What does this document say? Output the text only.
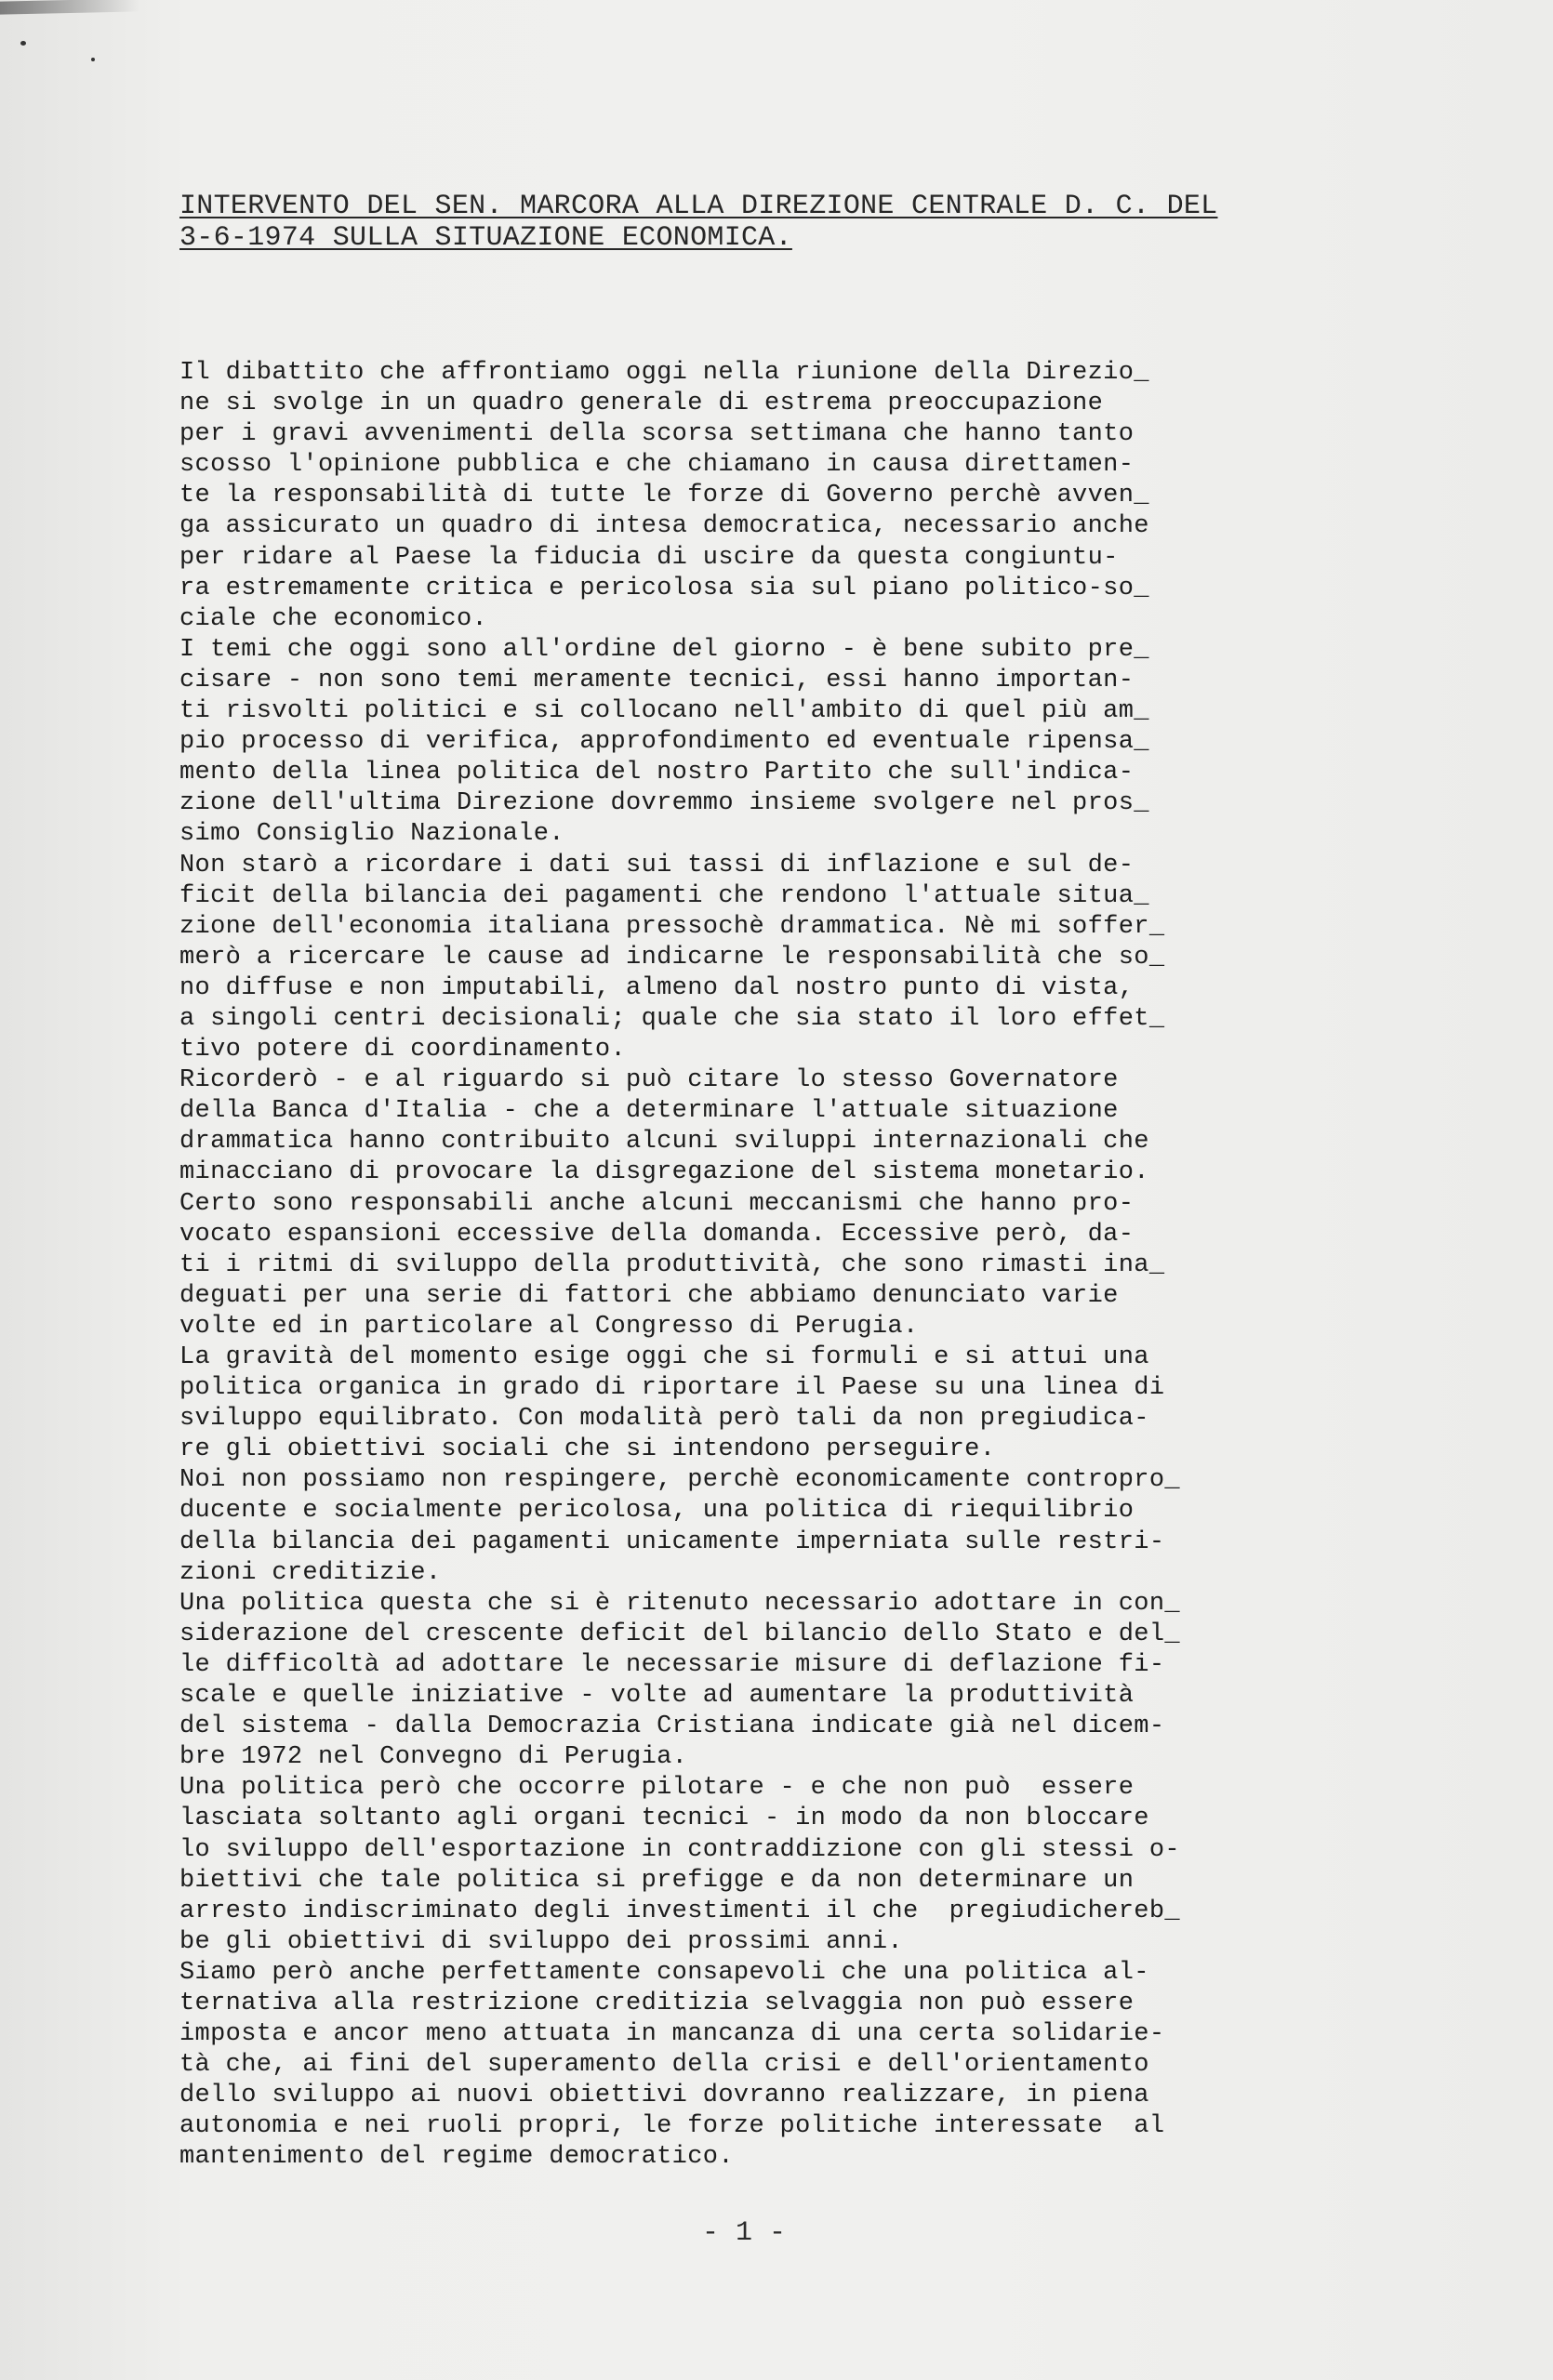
INTERVENTO DEL SEN. MARCORA ALLA DIREZIONE CENTRALE D. C. DEL
3-6-1974 SULLA SITUAZIONE ECONOMICA.
Il dibattito che affrontiamo oggi nella riunione della Direzio_
ne si svolge in un quadro generale di estrema preoccupazione
per i gravi avvenimenti della scorsa settimana che hanno tanto
scosso l'opinione pubblica e che chiamano in causa direttamen-
te la responsabilità di tutte le forze di Governo perchè avven_
ga assicurato un quadro di intesa democratica, necessario anche
per ridare al Paese la fiducia di uscire da questa congiuntu-
ra estremamente critica e pericolosa sia sul piano politico-so_
ciale che economico.
I temi che oggi sono all'ordine del giorno - è bene subito pre_
cisare - non sono temi meramente tecnici, essi hanno importan-
ti risvolti politici e si collocano nell'ambito di quel più am_
pio processo di verifica, approfondimento ed eventuale ripensa_
mento della linea politica del nostro Partito che sull'indica-
zione dell'ultima Direzione dovremmo insieme svolgere nel pros_
simo Consiglio Nazionale.
Non starò a ricordare i dati sui tassi di inflazione e sul de-
ficit della bilancia dei pagamenti che rendono l'attuale situa_
zione dell'economia italiana pressochè drammatica. Nè mi soffer_
merò a ricercare le cause ad indicarne le responsabilità che so_
no diffuse e non imputabili, almeno dal nostro punto di vista,
a singoli centri decisionali; quale che sia stato il loro effet_
tivo potere di coordinamento.
Ricorderò - e al riguardo si può citare lo stesso Governatore
della Banca d'Italia - che a determinare l'attuale situazione
drammatica hanno contribuito alcuni sviluppi internazionali che
minacciano di provocare la disgregazione del sistema monetario.
Certo sono responsabili anche alcuni meccanismi che hanno pro-
vocato espansioni eccessive della domanda. Eccessive però, da-
ti i ritmi di sviluppo della produttività, che sono rimasti ina_
deguati per una serie di fattori che abbiamo denunciato varie
volte ed in particolare al Congresso di Perugia.
La gravità del momento esige oggi che si formuli e si attui una
politica organica in grado di riportare il Paese su una linea di
sviluppo equilibrato. Con modalità però tali da non pregiudica-
re gli obiettivi sociali che si intendono perseguire.
Noi non possiamo non respingere, perchè economicamente contropro_
ducente e socialmente pericolosa, una politica di riequilibrio
della bilancia dei pagamenti unicamente imperniata sulle restri-
zioni creditizie.
Una politica questa che si è ritenuto necessario adottare in con_
siderazione del crescente deficit del bilancio dello Stato e del_
le difficoltà ad adottare le necessarie misure di deflazione fi-
scale e quelle iniziative - volte ad aumentare la produttività
del sistema - dalla Democrazia Cristiana indicate già nel dicem-
bre 1972 nel Convegno di Perugia.
Una politica però che occorre pilotare - e che non può  essere
lasciata soltanto agli organi tecnici - in modo da non bloccare
lo sviluppo dell'esportazione in contraddizione con gli stessi o-
biettivi che tale politica si prefigge e da non determinare un
arresto indiscriminato degli investimenti il che  pregiudichereb_
be gli obiettivi di sviluppo dei prossimi anni.
Siamo però anche perfettamente consapevoli che una politica al-
ternativa alla restrizione creditizia selvaggia non può essere
imposta e ancor meno attuata in mancanza di una certa solidarie-
tà che, ai fini del superamento della crisi e dell'orientamento
dello sviluppo ai nuovi obiettivi dovranno realizzare, in piena
autonomia e nei ruoli propri, le forze politiche interessate  al
mantenimento del regime democratico.
- 1 -
